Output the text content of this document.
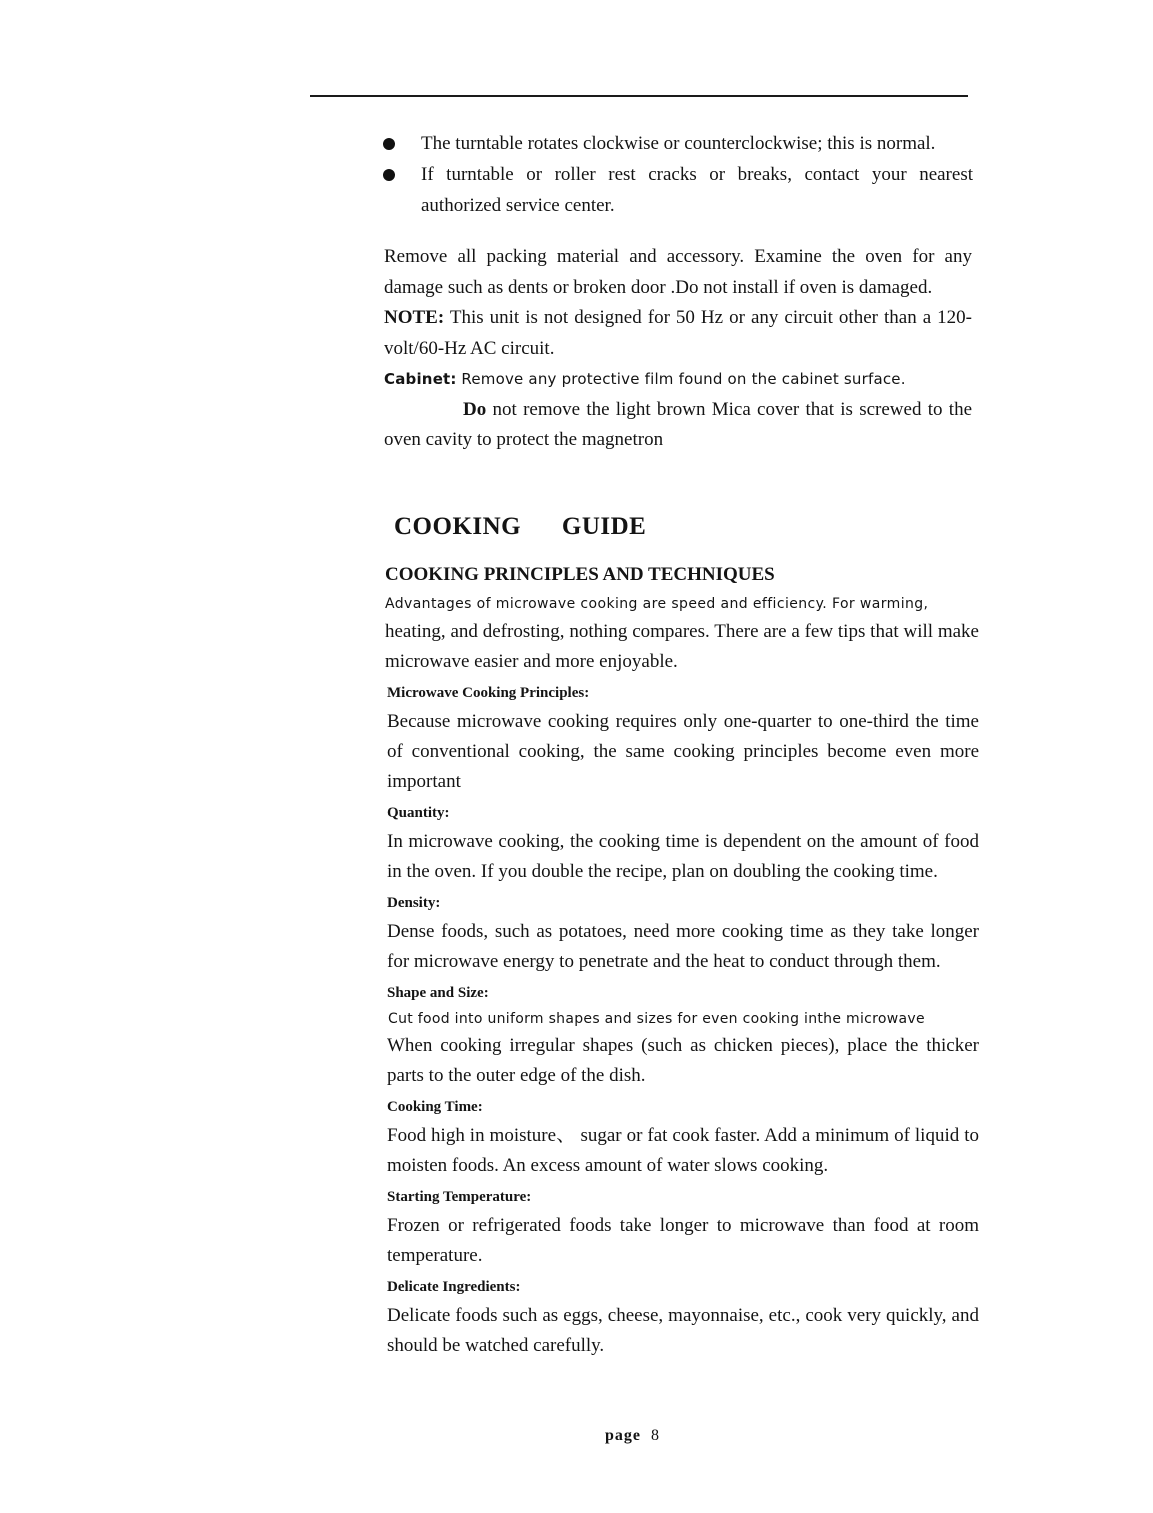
The turntable rotates clockwise or counterclockwise; this is normal.
If turntable or roller rest cracks or breaks, contact your nearest authorized service center.

Remove all packing material and accessory. Examine the oven for any damage such as dents or broken door .Do not install if oven is damaged.

NOTE: This unit is not designed for 50 Hz or any circuit other than a 120-volt/60-Hz AC circuit.

Cabinet: Remove any protective film found on the cabinet surface.

Do not remove the light brown Mica cover that is screwed to the oven cavity to protect the magnetron

COOKING GUIDE
COOKING PRINCIPLES AND TECHNIQUES

Advantages of microwave cooking are speed and efficiency. For warming,

heating, and defrosting, nothing compares. There are a few tips that will make microwave easier and more enjoyable.

Microwave Cooking Principles:

Because microwave cooking requires only one-quarter to one-third the time of conventional cooking, the same cooking principles become even more important

Quantity:

In microwave cooking, the cooking time is dependent on the amount of food in the oven. If you double the recipe, plan on doubling the cooking time.

Density:

Dense foods, such as potatoes, need more cooking time as they take longer for microwave energy to penetrate and the heat to conduct through them.

Shape and Size:

Cut food into uniform shapes and sizes for even cooking inthe microwave

When cooking irregular shapes (such as chicken pieces), place the thicker parts to the outer edge of the dish.

Cooking Time:

Food high in moisture、 sugar or fat cook faster. Add a minimum of liquid to moisten foods. An excess amount of water slows cooking.

Starting Temperature:

Frozen or refrigerated foods take longer to microwave than food at room temperature.

Delicate Ingredients:

Delicate foods such as eggs, cheese, mayonnaise, etc., cook very quickly, and should be watched carefully.

page 8
